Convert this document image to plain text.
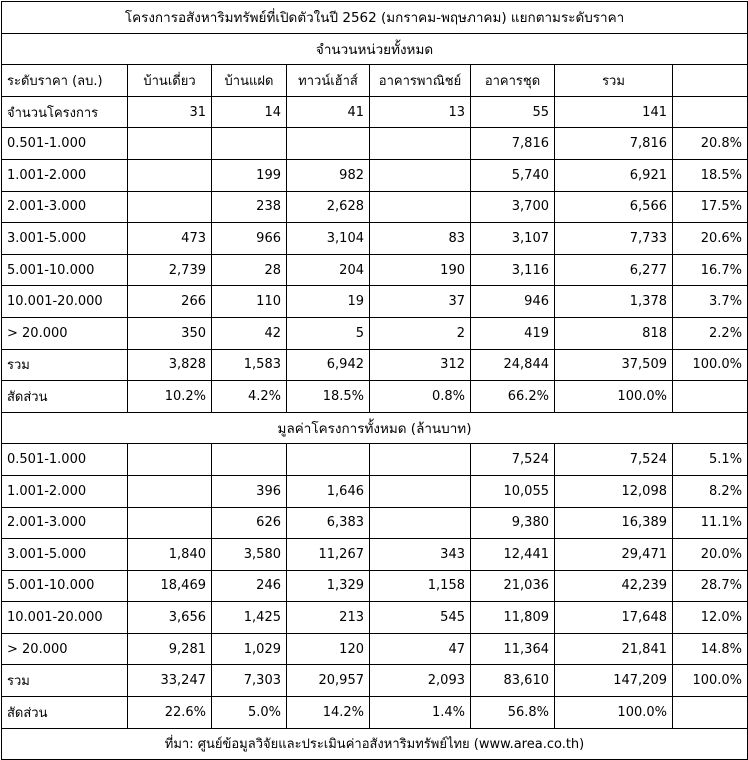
โครงการอสังหาริมทรัพย์ที่เปิดตัวในปี 2562 (มกราคม-พฤษภาคม) แยกตามระดับราคา							
จำนวนหน่วยทั้งหมด							
ระดับราคา (ลบ.)	บ้านเดี่ยว	บ้านแฝด	ทาวน์เฮ้าส์	อาคารพาณิชย์	อาคารชุด	รวม	
จำนวนโครงการ	31	14	41	13	55	141	
0.501-1.000					7,816	7,816	20.8%
1.001-2.000		199	982		5,740	6,921	18.5%
2.001-3.000		238	2,628		3,700	6,566	17.5%
3.001-5.000	473	966	3,104	83	3,107	7,733	20.6%
5.001-10.000	2,739	28	204	190	3,116	6,277	16.7%
10.001-20.000	266	110	19	37	946	1,378	3.7%
> 20.000	350	42	5	2	419	818	2.2%
รวม	3,828	1,583	6,942	312	24,844	37,509	100.0%
สัดส่วน	10.2%	4.2%	18.5%	0.8%	66.2%	100.0%	
มูลค่าโครงการทั้งหมด (ล้านบาท)							
0.501-1.000					7,524	7,524	5.1%
1.001-2.000		396	1,646		10,055	12,098	8.2%
2.001-3.000		626	6,383		9,380	16,389	11.1%
3.001-5.000	1,840	3,580	11,267	343	12,441	29,471	20.0%
5.001-10.000	18,469	246	1,329	1,158	21,036	42,239	28.7%
10.001-20.000	3,656	1,425	213	545	11,809	17,648	12.0%
> 20.000	9,281	1,029	120	47	11,364	21,841	14.8%
รวม	33,247	7,303	20,957	2,093	83,610	147,209	100.0%
สัดส่วน	22.6%	5.0%	14.2%	1.4%	56.8%	100.0%	
ที่มา: ศูนย์ข้อมูลวิจัยและประเมินค่าอสังหาริมทรัพย์ไทย (www.area.co.th)							
